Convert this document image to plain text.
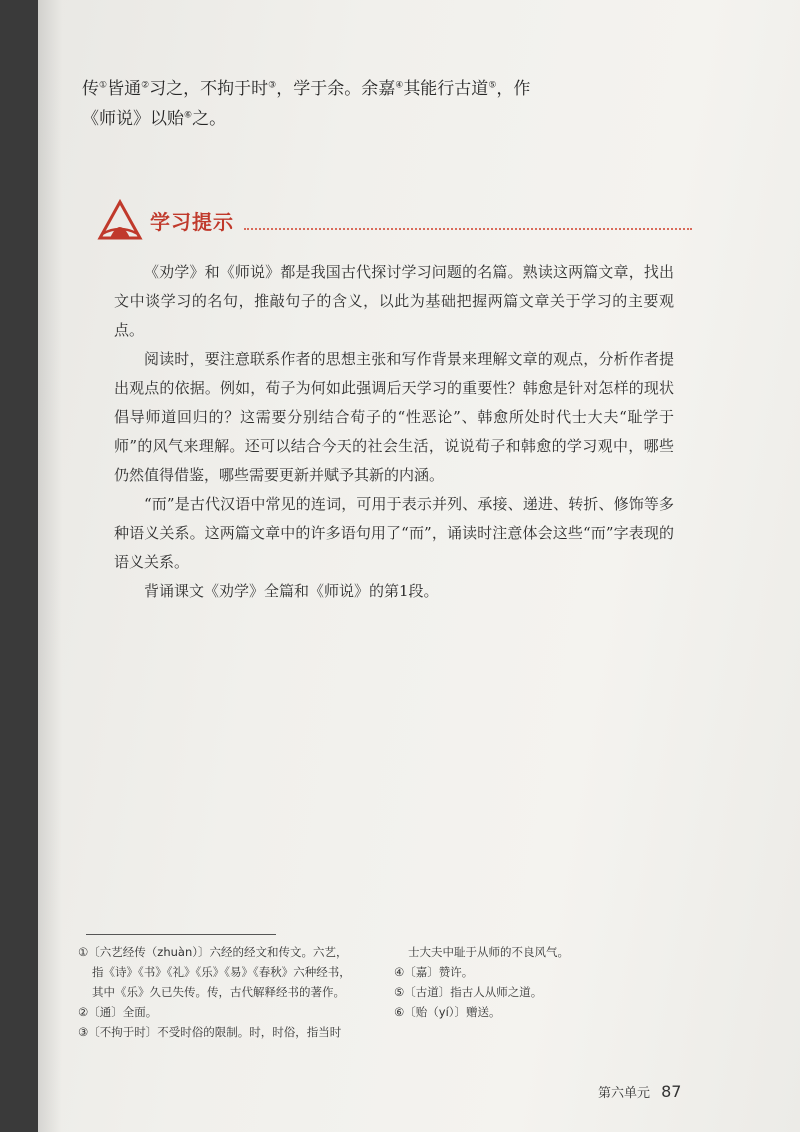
传①皆通②习之，不拘于时③，学于余。余嘉④其能行古道⑤，作
《师说》以贻⑥之。
学习提示

《劝学》和《师说》都是我国古代探讨学习问题的名篇。熟读这两篇文章，找出文中谈学习的名句，推敲句子的含义，以此为基础把握两篇文章关于学习的主要观点。

阅读时，要注意联系作者的思想主张和写作背景来理解文章的观点，分析作者提出观点的依据。例如，荀子为何如此强调后天学习的重要性？韩愈是针对怎样的现状倡导师道回归的？这需要分别结合荀子的“性恶论”、韩愈所处时代士大夫“耻学于师”的风气来理解。还可以结合今天的社会生活，说说荀子和韩愈的学习观中，哪些仍然值得借鉴，哪些需要更新并赋予其新的内涵。

“而”是古代汉语中常见的连词，可用于表示并列、承接、递进、转折、修饰等多种语义关系。这两篇文章中的许多语句用了“而”，诵读时注意体会这些“而”字表现的语义关系。

背诵课文《劝学》全篇和《师说》的第1段。

①〔六艺经传（zhuàn）〕六经的经文和传文。六艺，

指《诗》《书》《礼》《乐》《易》《春秋》六种经书，

其中《乐》久已失传。传，古代解释经书的著作。

②〔通〕全面。

③〔不拘于时〕不受时俗的限制。时，时俗，指当时

士大夫中耻于从师的不良风气。

④〔嘉〕赞许。

⑤〔古道〕指古人从师之道。

⑥〔贻（yí）〕赠送。

第六单元 87
